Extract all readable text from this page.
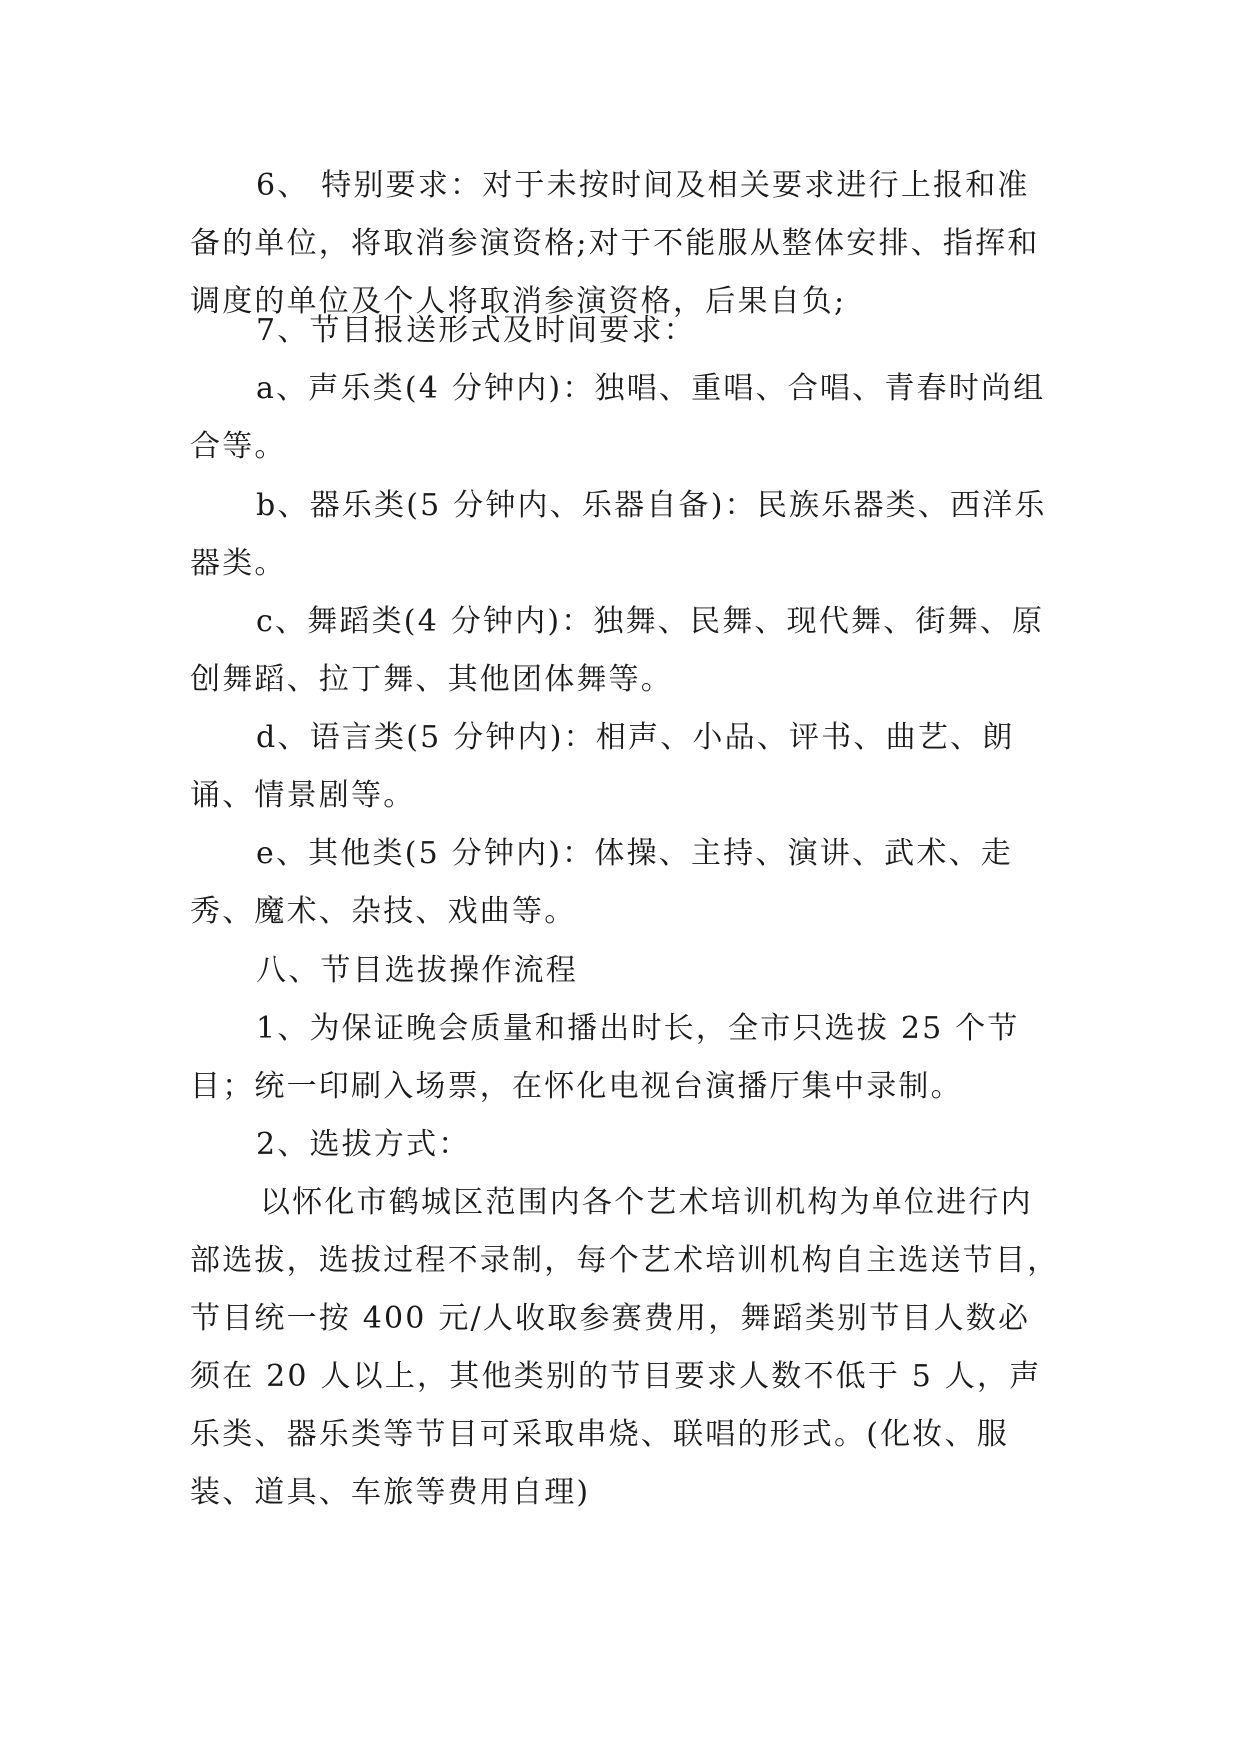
6、 特别要求：对于未按时间及相关要求进行上报和准备的单位，将取消参演资格;对于不能服从整体安排、指挥和调度的单位及个人将取消参演资格，后果自负;

7、节目报送形式及时间要求：

a、声乐类(4 分钟内)：独唱、重唱、合唱、青春时尚组合等。

b、器乐类(5 分钟内、乐器自备)：民族乐器类、西洋乐器类。

c、舞蹈类(4 分钟内)：独舞、民舞、现代舞、街舞、原创舞蹈、拉丁舞、其他团体舞等。

d、语言类(5 分钟内)：相声、小品、评书、曲艺、朗诵、情景剧等。

e、其他类(5 分钟内)：体操、主持、演讲、武术、走秀、魔术、杂技、戏曲等。

八、节目选拔操作流程

1、为保证晚会质量和播出时长，全市只选拔 25 个节目；统一印刷入场票，在怀化电视台演播厅集中录制。

2、选拔方式：

以怀化市鹤城区范围内各个艺术培训机构为单位进行内部选拔，选拔过程不录制，每个艺术培训机构自主选送节目，节目统一按 400 元/人收取参赛费用，舞蹈类别节目人数必须在 20 人以上，其他类别的节目要求人数不低于 5 人，声乐类、器乐类等节目可采取串烧、联唱的形式。(化妆、服装、道具、车旅等费用自理)
